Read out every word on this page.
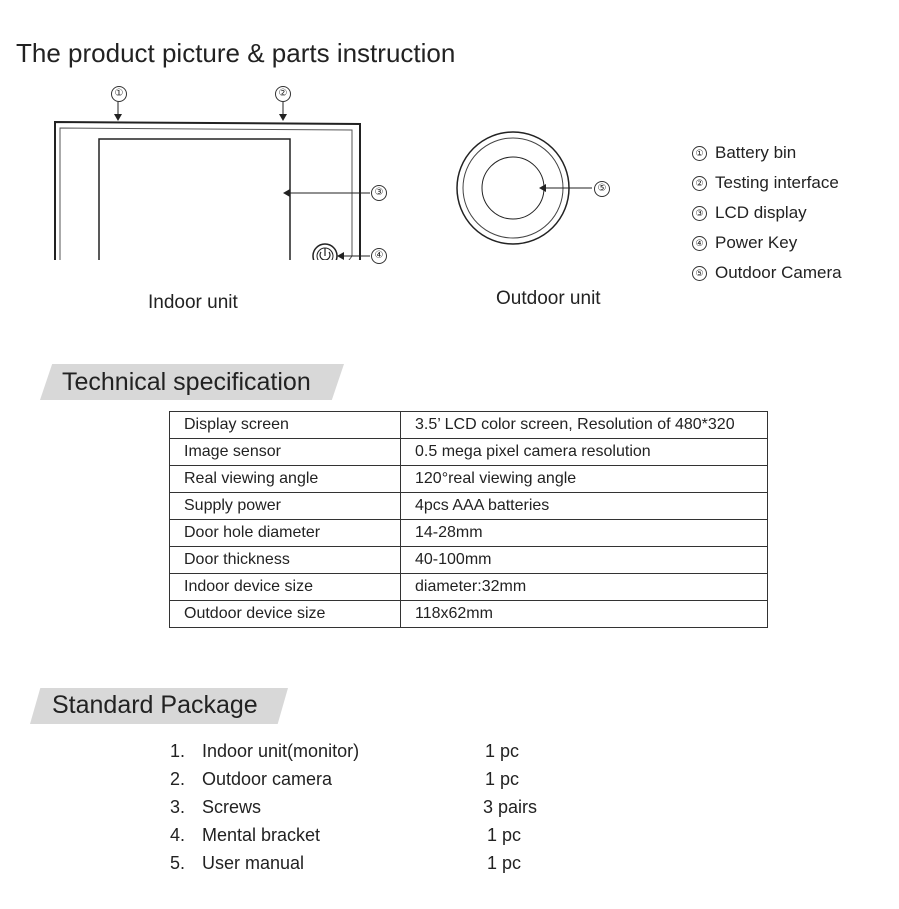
The product picture & parts instruction
①	②
③
④
⑤
Indoor unit	Outdoor unit
① Battery bin
② Testing interface
③ LCD display
④ Power Key
⑤ Outdoor Camera
Technical specification
Display screen	3.5’ LCD color screen, Resolution of 480*320
Image sensor	0.5 mega pixel camera resolution
Real viewing angle	120°real viewing angle
Supply power	4pcs AAA batteries
Door hole diameter	14-28mm
Door thickness	40-100mm
Indoor device size	diameter:32mm
Outdoor device size	118x62mm
Standard Package
1. Indoor unit(monitor)	1 pc
2. Outdoor camera	1 pc
3. Screws	3 pairs
4. Mental bracket	1 pc
5. User manual	1 pc
